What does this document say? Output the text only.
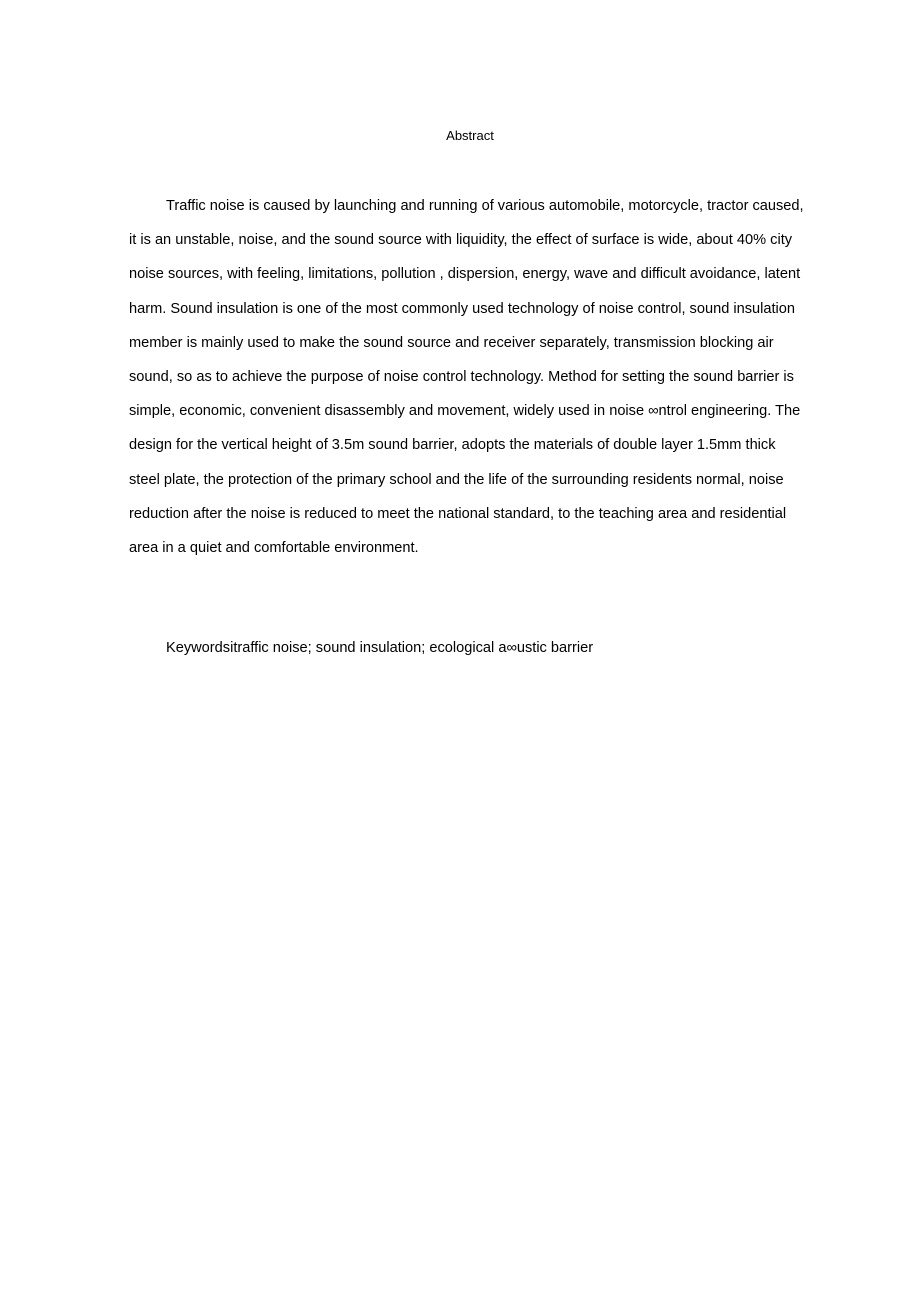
Abstract

Traffic noise is caused by launching and running of various automobile, motorcycle, tractor caused, it is an unstable, noise, and the sound source with liquidity, the effect of surface is wide, about 40% city noise sources, with feeling, limitations, pollution , dispersion, energy, wave and difficult avoidance, latent harm. Sound insulation is one of the most commonly used technology of noise control, sound insulation member is mainly used to make the sound source and receiver separately, transmission blocking air sound, so as to achieve the purpose of noise control technology. Method for setting the sound barrier is simple, economic, convenient disassembly and movement, widely used in noise ∞ntrol engineering. The design for the vertical height of 3.5m sound barrier, adopts the materials of double layer 1.5mm thick steel plate, the protection of the primary school and the life of the surrounding residents normal, noise reduction after the noise is reduced to meet the national standard, to the teaching area and residential area in a quiet and comfortable environment.

Keywordsitraffic noise; sound insulation; ecological a∞ustic barrier
